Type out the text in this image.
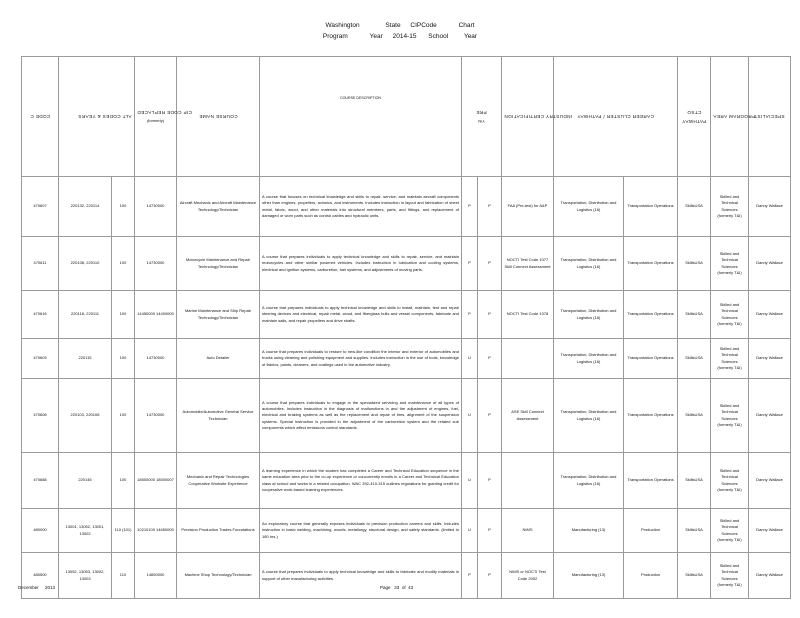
Washington	State CIPCode	Chart
Program	Year 2014-15 School Year
CODE C	ALT CODES & YEARS		CIP CODE REPLACED
(formerly)	COURSE NAME	COURSE DESCRIPTION	PRE
Y/N		INDUSTRY CERTIFICATION	CAREER CLUSTER / PATHWAY		CTSO
PATHWAY	PROGRAM AREA	SPECIALIST
470607	220132, 220114	100	14730000	Aircraft Mechanic and Aircraft Maintenance Technology/Technician	A course that focuses on technical knowledge and skills to repair, service, and maintain aircraft components other than engines, propellers, avionics, and instruments. Includes instruction in layout and fabrication of sheet metal, fabric, wood, and other materials into structural members, parts, and fittings, and replacement of damaged or worn parts such as control cables and hydraulic units.	P	P	FAA (Pre-test) for A&P	Transportation, Distribution and Logistics (16)	Transportation Operations	SkillsUSA	Skilled and Technical Sciences (formerly T&I)	Danny Wallace
470611	220108, 220110	100	14730000	Motorcycle Maintenance and Repair Technology/Technician	A course that prepares individuals to apply technical knowledge and skills to repair, service, and maintain motorcycles and other similar powered vehicles. Includes instruction in lubrication and cooling systems, electrical and ignition systems, carburetion, fuel systems, and adjustments of moving parts.	P	P	NOCTI Test Code 1077 Skill Connect Assessment	Transportation, Distribution and Logistics (16)	Transportation Operations	SkillsUSA	Skilled and Technical Sciences (formerly T&I)	Danny Wallace
470616	220118, 220111	100	14450000 14400000	Marine Maintenance and Ship Repair Technology/Technician	A course that prepares individuals to apply technical knowledge and skills to install, maintain, test and repair steering devices and electrical, repair metal, wood, and fiberglass hulls and vessel components, fabricate and maintain sails, and repair propellers and drive shafts.	P	P	NOCTI Test Code 1078	Transportation, Distribution and Logistics (16)	Transportation Operations	SkillsUSA	Skilled and Technical Sciences (formerly T&I)	Danny Wallace
470603	220115	100	14730000	Auto Detailer	A course that prepares individuals to restore to new-like condition the interior and exterior of automobiles and trucks using cleaning and polishing equipment and supplies. Includes instruction in the use of tools, knowledge of fabrics, paints, cleaners, and coatings used in the automotive industry.	U	P		Transportation, Distribution and Logistics (16)	Transportation Operations	SkillsUSA	Skilled and Technical Sciences (formerly T&I)	Danny Wallace
470608	220103, 220108	100	14730000	Automobile/Automotive General Service Technician	A course that prepares individuals to engage in the specialized servicing and maintenance of all types of automobiles. Includes instruction in the diagnosis of malfunctions in and the adjustment of engines, fuel, electrical and braking systems as well as the replacement and repair of tires, alignment of the suspension systems. Special instruction is provided in the adjustment of the carburetion system and the related sub components which affect emissions control standards.	U	P	ASE Skill Connect Assessment	Transportation, Distribution and Logistics (16)	Transportation Operations	SkillsUSA	Skilled and Technical Sciences (formerly T&I)	Danny Wallace
470688	220145	100	18500000 18500007	Mechanic and Repair Technologies Cooperative Worksite Experience	A learning experience in which the student has completed a Career and Technical Education sequence in the same education area prior to the co-op experience or concurrently enrolls in a Career and Technical Education class at school and works in a related occupation. WAC 392-410-315 outlines regulations for granting credit for cooperative work-based learning experiences.	U	P		Transportation, Distribution and Logistics (16)	Transportation Operations	SkillsUSA	Skilled and Technical Sciences (formerly T&I)	Danny Wallace
480000	13001, 13052, 13001, 13002	110 (101)	10210100 14650000	Precision Production Trades Foundations	An exploratory course that generally exposes individuals to precision production careers and skills. Includes instruction in basic welding, machining, woods, metallurgy, structural design, and safety standards. (limited to 180 hrs.)	U	P	NIMS	Manufacturing (13)	Production	SkillsUSA	Skilled and Technical Sciences (formerly T&I)	Danny Wallace
480500	13052, 13053, 13002, 13003	110	14650000	Machine Shop Technology/Technician	A course that prepares individuals to apply technical knowledge and skills to fabricate and modify materials in support of other manufacturing activities.	P	P	NIMS or NOCTI Test Code 2002	Manufacturing (13)	Production	SkillsUSA	Skilled and Technical Sciences (formerly T&I)	Danny Wallace
December 2013	Page 33 of 43
